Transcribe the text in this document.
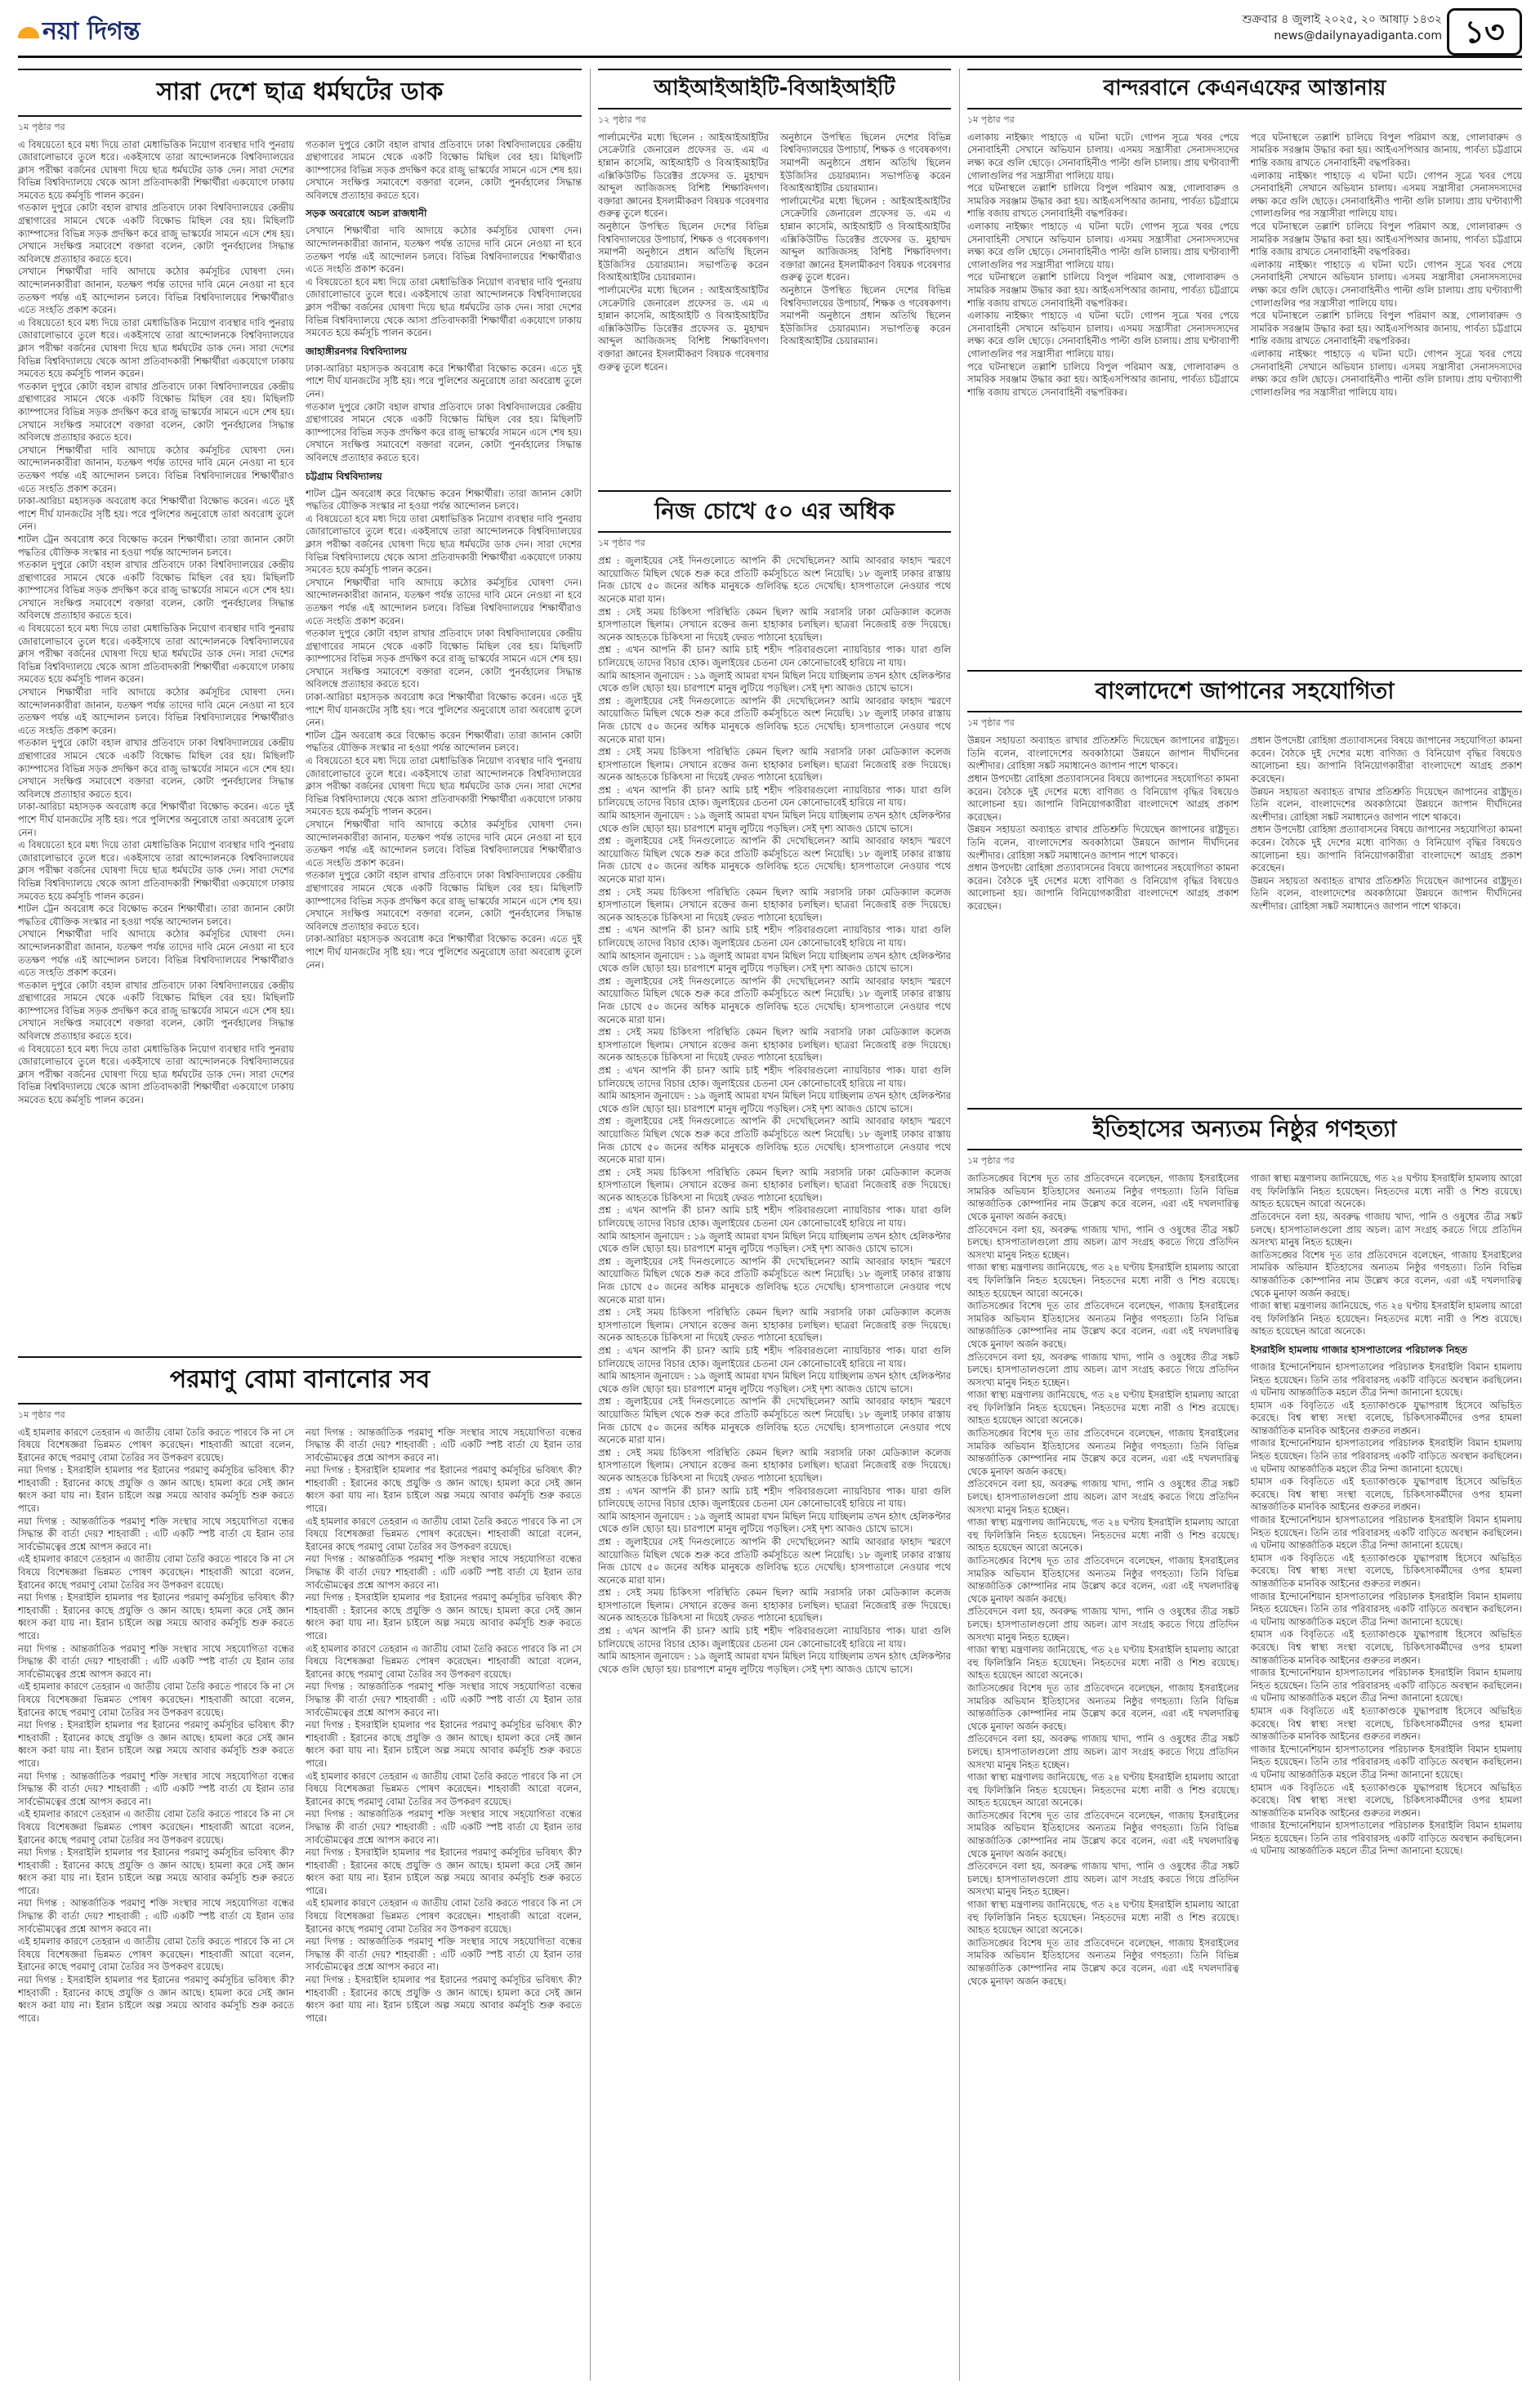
নয়া দিগন্ত	শুক্রবার ৪ জুলাই ২০২৫, ২০ আষাঢ় ১৪৩২
news@dailynayadiganta.com ১৩
সারা দেশে ছাত্র ধর্মঘটের ডাক
১ম পৃষ্ঠার পর

এ বিষয়েতো হবে মধ্য দিয়ে তারা মেধাভিত্তিক নিয়োগ ব্যবস্থার দাবি পুনরায় জোরালোভাবে তুলে ধরে। একইসাথে তারা আন্দোলনকে বিশ্ববিদ্যালয়ের ক্লাস পরীক্ষা বর্জনের ঘোষণা দিয়ে ছাত্র ধর্মঘটের ডাক দেন। সারা দেশের বিভিন্ন বিশ্ববিদ্যালয়ে থেকে আসা প্রতিবাদকারী শিক্ষার্থীরা একযোগে ঢাকায় সমবেত হয়ে কর্মসূচি পালন করেন।

গতকাল দুপুরে কোটা বহাল রাখার প্রতিবাদে ঢাকা বিশ্ববিদ্যালয়ের কেন্দ্রীয় গ্রন্থাগারের সামনে থেকে একটি বিক্ষোভ মিছিল বের হয়। মিছিলটি ক্যাম্পাসের বিভিন্ন সড়ক প্রদক্ষিণ করে রাজু ভাস্কর্যের সামনে এসে শেষ হয়। সেখানে সংক্ষিপ্ত সমাবেশে বক্তারা বলেন, কোটা পুনর্বহালের সিদ্ধান্ত অবিলম্বে প্রত্যাহার করতে হবে।

সেখানে শিক্ষার্থীরা দাবি আদায়ে কঠোর কর্মসূচির ঘোষণা দেন। আন্দোলনকারীরা জানান, যতক্ষণ পর্যন্ত তাদের দাবি মেনে নেওয়া না হবে ততক্ষণ পর্যন্ত এই আন্দোলন চলবে। বিভিন্ন বিশ্ববিদ্যালয়ের শিক্ষার্থীরাও এতে সংহতি প্রকাশ করেন।

এ বিষয়েতো হবে মধ্য দিয়ে তারা মেধাভিত্তিক নিয়োগ ব্যবস্থার দাবি পুনরায় জোরালোভাবে তুলে ধরে। একইসাথে তারা আন্দোলনকে বিশ্ববিদ্যালয়ের ক্লাস পরীক্ষা বর্জনের ঘোষণা দিয়ে ছাত্র ধর্মঘটের ডাক দেন। সারা দেশের বিভিন্ন বিশ্ববিদ্যালয়ে থেকে আসা প্রতিবাদকারী শিক্ষার্থীরা একযোগে ঢাকায় সমবেত হয়ে কর্মসূচি পালন করেন।

গতকাল দুপুরে কোটা বহাল রাখার প্রতিবাদে ঢাকা বিশ্ববিদ্যালয়ের কেন্দ্রীয় গ্রন্থাগারের সামনে থেকে একটি বিক্ষোভ মিছিল বের হয়। মিছিলটি ক্যাম্পাসের বিভিন্ন সড়ক প্রদক্ষিণ করে রাজু ভাস্কর্যের সামনে এসে শেষ হয়। সেখানে সংক্ষিপ্ত সমাবেশে বক্তারা বলেন, কোটা পুনর্বহালের সিদ্ধান্ত অবিলম্বে প্রত্যাহার করতে হবে।

সেখানে শিক্ষার্থীরা দাবি আদায়ে কঠোর কর্মসূচির ঘোষণা দেন। আন্দোলনকারীরা জানান, যতক্ষণ পর্যন্ত তাদের দাবি মেনে নেওয়া না হবে ততক্ষণ পর্যন্ত এই আন্দোলন চলবে। বিভিন্ন বিশ্ববিদ্যালয়ের শিক্ষার্থীরাও এতে সংহতি প্রকাশ করেন।

ঢাকা-আরিচা মহাসড়ক অবরোধ করে শিক্ষার্থীরা বিক্ষোভ করেন। এতে দুই পাশে দীর্ঘ যানজটের সৃষ্টি হয়। পরে পুলিশের অনুরোধে তারা অবরোধ তুলে নেন।

শাটল ট্রেন অবরোধ করে বিক্ষোভ করেন শিক্ষার্থীরা। তারা জানান কোটা পদ্ধতির যৌক্তিক সংস্কার না হওয়া পর্যন্ত আন্দোলন চলবে।

গতকাল দুপুরে কোটা বহাল রাখার প্রতিবাদে ঢাকা বিশ্ববিদ্যালয়ের কেন্দ্রীয় গ্রন্থাগারের সামনে থেকে একটি বিক্ষোভ মিছিল বের হয়। মিছিলটি ক্যাম্পাসের বিভিন্ন সড়ক প্রদক্ষিণ করে রাজু ভাস্কর্যের সামনে এসে শেষ হয়। সেখানে সংক্ষিপ্ত সমাবেশে বক্তারা বলেন, কোটা পুনর্বহালের সিদ্ধান্ত অবিলম্বে প্রত্যাহার করতে হবে।

এ বিষয়েতো হবে মধ্য দিয়ে তারা মেধাভিত্তিক নিয়োগ ব্যবস্থার দাবি পুনরায় জোরালোভাবে তুলে ধরে। একইসাথে তারা আন্দোলনকে বিশ্ববিদ্যালয়ের ক্লাস পরীক্ষা বর্জনের ঘোষণা দিয়ে ছাত্র ধর্মঘটের ডাক দেন। সারা দেশের বিভিন্ন বিশ্ববিদ্যালয়ে থেকে আসা প্রতিবাদকারী শিক্ষার্থীরা একযোগে ঢাকায় সমবেত হয়ে কর্মসূচি পালন করেন।

সেখানে শিক্ষার্থীরা দাবি আদায়ে কঠোর কর্মসূচির ঘোষণা দেন। আন্দোলনকারীরা জানান, যতক্ষণ পর্যন্ত তাদের দাবি মেনে নেওয়া না হবে ততক্ষণ পর্যন্ত এই আন্দোলন চলবে। বিভিন্ন বিশ্ববিদ্যালয়ের শিক্ষার্থীরাও এতে সংহতি প্রকাশ করেন।

গতকাল দুপুরে কোটা বহাল রাখার প্রতিবাদে ঢাকা বিশ্ববিদ্যালয়ের কেন্দ্রীয় গ্রন্থাগারের সামনে থেকে একটি বিক্ষোভ মিছিল বের হয়। মিছিলটি ক্যাম্পাসের বিভিন্ন সড়ক প্রদক্ষিণ করে রাজু ভাস্কর্যের সামনে এসে শেষ হয়। সেখানে সংক্ষিপ্ত সমাবেশে বক্তারা বলেন, কোটা পুনর্বহালের সিদ্ধান্ত অবিলম্বে প্রত্যাহার করতে হবে।

ঢাকা-আরিচা মহাসড়ক অবরোধ করে শিক্ষার্থীরা বিক্ষোভ করেন। এতে দুই পাশে দীর্ঘ যানজটের সৃষ্টি হয়। পরে পুলিশের অনুরোধে তারা অবরোধ তুলে নেন।

এ বিষয়েতো হবে মধ্য দিয়ে তারা মেধাভিত্তিক নিয়োগ ব্যবস্থার দাবি পুনরায় জোরালোভাবে তুলে ধরে। একইসাথে তারা আন্দোলনকে বিশ্ববিদ্যালয়ের ক্লাস পরীক্ষা বর্জনের ঘোষণা দিয়ে ছাত্র ধর্মঘটের ডাক দেন। সারা দেশের বিভিন্ন বিশ্ববিদ্যালয়ে থেকে আসা প্রতিবাদকারী শিক্ষার্থীরা একযোগে ঢাকায় সমবেত হয়ে কর্মসূচি পালন করেন।

শাটল ট্রেন অবরোধ করে বিক্ষোভ করেন শিক্ষার্থীরা। তারা জানান কোটা পদ্ধতির যৌক্তিক সংস্কার না হওয়া পর্যন্ত আন্দোলন চলবে।

সেখানে শিক্ষার্থীরা দাবি আদায়ে কঠোর কর্মসূচির ঘোষণা দেন। আন্দোলনকারীরা জানান, যতক্ষণ পর্যন্ত তাদের দাবি মেনে নেওয়া না হবে ততক্ষণ পর্যন্ত এই আন্দোলন চলবে। বিভিন্ন বিশ্ববিদ্যালয়ের শিক্ষার্থীরাও এতে সংহতি প্রকাশ করেন।

গতকাল দুপুরে কোটা বহাল রাখার প্রতিবাদে ঢাকা বিশ্ববিদ্যালয়ের কেন্দ্রীয় গ্রন্থাগারের সামনে থেকে একটি বিক্ষোভ মিছিল বের হয়। মিছিলটি ক্যাম্পাসের বিভিন্ন সড়ক প্রদক্ষিণ করে রাজু ভাস্কর্যের সামনে এসে শেষ হয়। সেখানে সংক্ষিপ্ত সমাবেশে বক্তারা বলেন, কোটা পুনর্বহালের সিদ্ধান্ত অবিলম্বে প্রত্যাহার করতে হবে।

এ বিষয়েতো হবে মধ্য দিয়ে তারা মেধাভিত্তিক নিয়োগ ব্যবস্থার দাবি পুনরায় জোরালোভাবে তুলে ধরে। একইসাথে তারা আন্দোলনকে বিশ্ববিদ্যালয়ের ক্লাস পরীক্ষা বর্জনের ঘোষণা দিয়ে ছাত্র ধর্মঘটের ডাক দেন। সারা দেশের বিভিন্ন বিশ্ববিদ্যালয়ে থেকে আসা প্রতিবাদকারী শিক্ষার্থীরা একযোগে ঢাকায় সমবেত হয়ে কর্মসূচি পালন করেন।

গতকাল দুপুরে কোটা বহাল রাখার প্রতিবাদে ঢাকা বিশ্ববিদ্যালয়ের কেন্দ্রীয় গ্রন্থাগারের সামনে থেকে একটি বিক্ষোভ মিছিল বের হয়। মিছিলটি ক্যাম্পাসের বিভিন্ন সড়ক প্রদক্ষিণ করে রাজু ভাস্কর্যের সামনে এসে শেষ হয়। সেখানে সংক্ষিপ্ত সমাবেশে বক্তারা বলেন, কোটা পুনর্বহালের সিদ্ধান্ত অবিলম্বে প্রত্যাহার করতে হবে।

সড়ক অবরোধে অচল রাজধানী

সেখানে শিক্ষার্থীরা দাবি আদায়ে কঠোর কর্মসূচির ঘোষণা দেন। আন্দোলনকারীরা জানান, যতক্ষণ পর্যন্ত তাদের দাবি মেনে নেওয়া না হবে ততক্ষণ পর্যন্ত এই আন্দোলন চলবে। বিভিন্ন বিশ্ববিদ্যালয়ের শিক্ষার্থীরাও এতে সংহতি প্রকাশ করেন।

এ বিষয়েতো হবে মধ্য দিয়ে তারা মেধাভিত্তিক নিয়োগ ব্যবস্থার দাবি পুনরায় জোরালোভাবে তুলে ধরে। একইসাথে তারা আন্দোলনকে বিশ্ববিদ্যালয়ের ক্লাস পরীক্ষা বর্জনের ঘোষণা দিয়ে ছাত্র ধর্মঘটের ডাক দেন। সারা দেশের বিভিন্ন বিশ্ববিদ্যালয়ে থেকে আসা প্রতিবাদকারী শিক্ষার্থীরা একযোগে ঢাকায় সমবেত হয়ে কর্মসূচি পালন করেন।

জাহাঙ্গীরনগর বিশ্ববিদ্যালয়

ঢাকা-আরিচা মহাসড়ক অবরোধ করে শিক্ষার্থীরা বিক্ষোভ করেন। এতে দুই পাশে দীর্ঘ যানজটের সৃষ্টি হয়। পরে পুলিশের অনুরোধে তারা অবরোধ তুলে নেন।

গতকাল দুপুরে কোটা বহাল রাখার প্রতিবাদে ঢাকা বিশ্ববিদ্যালয়ের কেন্দ্রীয় গ্রন্থাগারের সামনে থেকে একটি বিক্ষোভ মিছিল বের হয়। মিছিলটি ক্যাম্পাসের বিভিন্ন সড়ক প্রদক্ষিণ করে রাজু ভাস্কর্যের সামনে এসে শেষ হয়। সেখানে সংক্ষিপ্ত সমাবেশে বক্তারা বলেন, কোটা পুনর্বহালের সিদ্ধান্ত অবিলম্বে প্রত্যাহার করতে হবে।

চট্টগ্রাম বিশ্ববিদ্যালয়

শাটল ট্রেন অবরোধ করে বিক্ষোভ করেন শিক্ষার্থীরা। তারা জানান কোটা পদ্ধতির যৌক্তিক সংস্কার না হওয়া পর্যন্ত আন্দোলন চলবে।

এ বিষয়েতো হবে মধ্য দিয়ে তারা মেধাভিত্তিক নিয়োগ ব্যবস্থার দাবি পুনরায় জোরালোভাবে তুলে ধরে। একইসাথে তারা আন্দোলনকে বিশ্ববিদ্যালয়ের ক্লাস পরীক্ষা বর্জনের ঘোষণা দিয়ে ছাত্র ধর্মঘটের ডাক দেন। সারা দেশের বিভিন্ন বিশ্ববিদ্যালয়ে থেকে আসা প্রতিবাদকারী শিক্ষার্থীরা একযোগে ঢাকায় সমবেত হয়ে কর্মসূচি পালন করেন।

সেখানে শিক্ষার্থীরা দাবি আদায়ে কঠোর কর্মসূচির ঘোষণা দেন। আন্দোলনকারীরা জানান, যতক্ষণ পর্যন্ত তাদের দাবি মেনে নেওয়া না হবে ততক্ষণ পর্যন্ত এই আন্দোলন চলবে। বিভিন্ন বিশ্ববিদ্যালয়ের শিক্ষার্থীরাও এতে সংহতি প্রকাশ করেন।

গতকাল দুপুরে কোটা বহাল রাখার প্রতিবাদে ঢাকা বিশ্ববিদ্যালয়ের কেন্দ্রীয় গ্রন্থাগারের সামনে থেকে একটি বিক্ষোভ মিছিল বের হয়। মিছিলটি ক্যাম্পাসের বিভিন্ন সড়ক প্রদক্ষিণ করে রাজু ভাস্কর্যের সামনে এসে শেষ হয়। সেখানে সংক্ষিপ্ত সমাবেশে বক্তারা বলেন, কোটা পুনর্বহালের সিদ্ধান্ত অবিলম্বে প্রত্যাহার করতে হবে।

ঢাকা-আরিচা মহাসড়ক অবরোধ করে শিক্ষার্থীরা বিক্ষোভ করেন। এতে দুই পাশে দীর্ঘ যানজটের সৃষ্টি হয়। পরে পুলিশের অনুরোধে তারা অবরোধ তুলে নেন।

শাটল ট্রেন অবরোধ করে বিক্ষোভ করেন শিক্ষার্থীরা। তারা জানান কোটা পদ্ধতির যৌক্তিক সংস্কার না হওয়া পর্যন্ত আন্দোলন চলবে।

এ বিষয়েতো হবে মধ্য দিয়ে তারা মেধাভিত্তিক নিয়োগ ব্যবস্থার দাবি পুনরায় জোরালোভাবে তুলে ধরে। একইসাথে তারা আন্দোলনকে বিশ্ববিদ্যালয়ের ক্লাস পরীক্ষা বর্জনের ঘোষণা দিয়ে ছাত্র ধর্মঘটের ডাক দেন। সারা দেশের বিভিন্ন বিশ্ববিদ্যালয়ে থেকে আসা প্রতিবাদকারী শিক্ষার্থীরা একযোগে ঢাকায় সমবেত হয়ে কর্মসূচি পালন করেন।

সেখানে শিক্ষার্থীরা দাবি আদায়ে কঠোর কর্মসূচির ঘোষণা দেন। আন্দোলনকারীরা জানান, যতক্ষণ পর্যন্ত তাদের দাবি মেনে নেওয়া না হবে ততক্ষণ পর্যন্ত এই আন্দোলন চলবে। বিভিন্ন বিশ্ববিদ্যালয়ের শিক্ষার্থীরাও এতে সংহতি প্রকাশ করেন।

গতকাল দুপুরে কোটা বহাল রাখার প্রতিবাদে ঢাকা বিশ্ববিদ্যালয়ের কেন্দ্রীয় গ্রন্থাগারের সামনে থেকে একটি বিক্ষোভ মিছিল বের হয়। মিছিলটি ক্যাম্পাসের বিভিন্ন সড়ক প্রদক্ষিণ করে রাজু ভাস্কর্যের সামনে এসে শেষ হয়। সেখানে সংক্ষিপ্ত সমাবেশে বক্তারা বলেন, কোটা পুনর্বহালের সিদ্ধান্ত অবিলম্বে প্রত্যাহার করতে হবে।

ঢাকা-আরিচা মহাসড়ক অবরোধ করে শিক্ষার্থীরা বিক্ষোভ করেন। এতে দুই পাশে দীর্ঘ যানজটের সৃষ্টি হয়। পরে পুলিশের অনুরোধে তারা অবরোধ তুলে নেন।

পরমাণু বোমা বানানোর সব
১ম পৃষ্ঠার পর

এই হামলার কারণে তেহরান এ জাতীয় বোমা তৈরি করতে পারবে কি না সে বিষয়ে বিশেষজ্ঞরা ভিন্নমত পোষণ করেছেন। শাহবাজী আরো বলেন, ইরানের কাছে পরমাণু বোমা তৈরির সব উপকরণ রয়েছে।

নয়া দিগন্ত : ইসরাইলি হামলার পর ইরানের পরমাণু কর্মসূচির ভবিষ্যৎ কী? শাহবাজী : ইরানের কাছে প্রযুক্তি ও জ্ঞান আছে। হামলা করে সেই জ্ঞান ধ্বংস করা যায় না। ইরান চাইলে অল্প সময়ে আবার কর্মসূচি শুরু করতে পারে।

নয়া দিগন্ত : আন্তর্জাতিক পরমাণু শক্তি সংস্থার সাথে সহযোগিতা বন্ধের সিদ্ধান্ত কী বার্তা দেয়? শাহবাজী : এটি একটি স্পষ্ট বার্তা যে ইরান তার সার্বভৌমত্বের প্রশ্নে আপস করবে না।

এই হামলার কারণে তেহরান এ জাতীয় বোমা তৈরি করতে পারবে কি না সে বিষয়ে বিশেষজ্ঞরা ভিন্নমত পোষণ করেছেন। শাহবাজী আরো বলেন, ইরানের কাছে পরমাণু বোমা তৈরির সব উপকরণ রয়েছে।

নয়া দিগন্ত : ইসরাইলি হামলার পর ইরানের পরমাণু কর্মসূচির ভবিষ্যৎ কী? শাহবাজী : ইরানের কাছে প্রযুক্তি ও জ্ঞান আছে। হামলা করে সেই জ্ঞান ধ্বংস করা যায় না। ইরান চাইলে অল্প সময়ে আবার কর্মসূচি শুরু করতে পারে।

নয়া দিগন্ত : আন্তর্জাতিক পরমাণু শক্তি সংস্থার সাথে সহযোগিতা বন্ধের সিদ্ধান্ত কী বার্তা দেয়? শাহবাজী : এটি একটি স্পষ্ট বার্তা যে ইরান তার সার্বভৌমত্বের প্রশ্নে আপস করবে না।

এই হামলার কারণে তেহরান এ জাতীয় বোমা তৈরি করতে পারবে কি না সে বিষয়ে বিশেষজ্ঞরা ভিন্নমত পোষণ করেছেন। শাহবাজী আরো বলেন, ইরানের কাছে পরমাণু বোমা তৈরির সব উপকরণ রয়েছে।

নয়া দিগন্ত : ইসরাইলি হামলার পর ইরানের পরমাণু কর্মসূচির ভবিষ্যৎ কী? শাহবাজী : ইরানের কাছে প্রযুক্তি ও জ্ঞান আছে। হামলা করে সেই জ্ঞান ধ্বংস করা যায় না। ইরান চাইলে অল্প সময়ে আবার কর্মসূচি শুরু করতে পারে।

নয়া দিগন্ত : আন্তর্জাতিক পরমাণু শক্তি সংস্থার সাথে সহযোগিতা বন্ধের সিদ্ধান্ত কী বার্তা দেয়? শাহবাজী : এটি একটি স্পষ্ট বার্তা যে ইরান তার সার্বভৌমত্বের প্রশ্নে আপস করবে না।

এই হামলার কারণে তেহরান এ জাতীয় বোমা তৈরি করতে পারবে কি না সে বিষয়ে বিশেষজ্ঞরা ভিন্নমত পোষণ করেছেন। শাহবাজী আরো বলেন, ইরানের কাছে পরমাণু বোমা তৈরির সব উপকরণ রয়েছে।

নয়া দিগন্ত : ইসরাইলি হামলার পর ইরানের পরমাণু কর্মসূচির ভবিষ্যৎ কী? শাহবাজী : ইরানের কাছে প্রযুক্তি ও জ্ঞান আছে। হামলা করে সেই জ্ঞান ধ্বংস করা যায় না। ইরান চাইলে অল্প সময়ে আবার কর্মসূচি শুরু করতে পারে।

নয়া দিগন্ত : আন্তর্জাতিক পরমাণু শক্তি সংস্থার সাথে সহযোগিতা বন্ধের সিদ্ধান্ত কী বার্তা দেয়? শাহবাজী : এটি একটি স্পষ্ট বার্তা যে ইরান তার সার্বভৌমত্বের প্রশ্নে আপস করবে না।

এই হামলার কারণে তেহরান এ জাতীয় বোমা তৈরি করতে পারবে কি না সে বিষয়ে বিশেষজ্ঞরা ভিন্নমত পোষণ করেছেন। শাহবাজী আরো বলেন, ইরানের কাছে পরমাণু বোমা তৈরির সব উপকরণ রয়েছে।

নয়া দিগন্ত : ইসরাইলি হামলার পর ইরানের পরমাণু কর্মসূচির ভবিষ্যৎ কী? শাহবাজী : ইরানের কাছে প্রযুক্তি ও জ্ঞান আছে। হামলা করে সেই জ্ঞান ধ্বংস করা যায় না। ইরান চাইলে অল্প সময়ে আবার কর্মসূচি শুরু করতে পারে।

নয়া দিগন্ত : আন্তর্জাতিক পরমাণু শক্তি সংস্থার সাথে সহযোগিতা বন্ধের সিদ্ধান্ত কী বার্তা দেয়? শাহবাজী : এটি একটি স্পষ্ট বার্তা যে ইরান তার সার্বভৌমত্বের প্রশ্নে আপস করবে না।

নয়া দিগন্ত : ইসরাইলি হামলার পর ইরানের পরমাণু কর্মসূচির ভবিষ্যৎ কী? শাহবাজী : ইরানের কাছে প্রযুক্তি ও জ্ঞান আছে। হামলা করে সেই জ্ঞান ধ্বংস করা যায় না। ইরান চাইলে অল্প সময়ে আবার কর্মসূচি শুরু করতে পারে।

এই হামলার কারণে তেহরান এ জাতীয় বোমা তৈরি করতে পারবে কি না সে বিষয়ে বিশেষজ্ঞরা ভিন্নমত পোষণ করেছেন। শাহবাজী আরো বলেন, ইরানের কাছে পরমাণু বোমা তৈরির সব উপকরণ রয়েছে।

নয়া দিগন্ত : আন্তর্জাতিক পরমাণু শক্তি সংস্থার সাথে সহযোগিতা বন্ধের সিদ্ধান্ত কী বার্তা দেয়? শাহবাজী : এটি একটি স্পষ্ট বার্তা যে ইরান তার সার্বভৌমত্বের প্রশ্নে আপস করবে না।

নয়া দিগন্ত : ইসরাইলি হামলার পর ইরানের পরমাণু কর্মসূচির ভবিষ্যৎ কী? শাহবাজী : ইরানের কাছে প্রযুক্তি ও জ্ঞান আছে। হামলা করে সেই জ্ঞান ধ্বংস করা যায় না। ইরান চাইলে অল্প সময়ে আবার কর্মসূচি শুরু করতে পারে।

এই হামলার কারণে তেহরান এ জাতীয় বোমা তৈরি করতে পারবে কি না সে বিষয়ে বিশেষজ্ঞরা ভিন্নমত পোষণ করেছেন। শাহবাজী আরো বলেন, ইরানের কাছে পরমাণু বোমা তৈরির সব উপকরণ রয়েছে।

নয়া দিগন্ত : আন্তর্জাতিক পরমাণু শক্তি সংস্থার সাথে সহযোগিতা বন্ধের সিদ্ধান্ত কী বার্তা দেয়? শাহবাজী : এটি একটি স্পষ্ট বার্তা যে ইরান তার সার্বভৌমত্বের প্রশ্নে আপস করবে না।

নয়া দিগন্ত : ইসরাইলি হামলার পর ইরানের পরমাণু কর্মসূচির ভবিষ্যৎ কী? শাহবাজী : ইরানের কাছে প্রযুক্তি ও জ্ঞান আছে। হামলা করে সেই জ্ঞান ধ্বংস করা যায় না। ইরান চাইলে অল্প সময়ে আবার কর্মসূচি শুরু করতে পারে।

এই হামলার কারণে তেহরান এ জাতীয় বোমা তৈরি করতে পারবে কি না সে বিষয়ে বিশেষজ্ঞরা ভিন্নমত পোষণ করেছেন। শাহবাজী আরো বলেন, ইরানের কাছে পরমাণু বোমা তৈরির সব উপকরণ রয়েছে।

নয়া দিগন্ত : আন্তর্জাতিক পরমাণু শক্তি সংস্থার সাথে সহযোগিতা বন্ধের সিদ্ধান্ত কী বার্তা দেয়? শাহবাজী : এটি একটি স্পষ্ট বার্তা যে ইরান তার সার্বভৌমত্বের প্রশ্নে আপস করবে না।

নয়া দিগন্ত : ইসরাইলি হামলার পর ইরানের পরমাণু কর্মসূচির ভবিষ্যৎ কী? শাহবাজী : ইরানের কাছে প্রযুক্তি ও জ্ঞান আছে। হামলা করে সেই জ্ঞান ধ্বংস করা যায় না। ইরান চাইলে অল্প সময়ে আবার কর্মসূচি শুরু করতে পারে।

এই হামলার কারণে তেহরান এ জাতীয় বোমা তৈরি করতে পারবে কি না সে বিষয়ে বিশেষজ্ঞরা ভিন্নমত পোষণ করেছেন। শাহবাজী আরো বলেন, ইরানের কাছে পরমাণু বোমা তৈরির সব উপকরণ রয়েছে।

নয়া দিগন্ত : আন্তর্জাতিক পরমাণু শক্তি সংস্থার সাথে সহযোগিতা বন্ধের সিদ্ধান্ত কী বার্তা দেয়? শাহবাজী : এটি একটি স্পষ্ট বার্তা যে ইরান তার সার্বভৌমত্বের প্রশ্নে আপস করবে না।

নয়া দিগন্ত : ইসরাইলি হামলার পর ইরানের পরমাণু কর্মসূচির ভবিষ্যৎ কী? শাহবাজী : ইরানের কাছে প্রযুক্তি ও জ্ঞান আছে। হামলা করে সেই জ্ঞান ধ্বংস করা যায় না। ইরান চাইলে অল্প সময়ে আবার কর্মসূচি শুরু করতে পারে।

আইআইআইটি-বিআইআইটি
১২ পৃষ্ঠার পর

পার্লামেন্টের মধ্যে ছিলেন : আইআইআইটির সেক্রেটারি জেনারেল প্রফেসর ড. এম এ হান্নান কাসেমি, আইআইটি ও বিআইআইটির এক্সিকিউটিভ ডিরেক্টর প্রফেসর ড. মুহাম্মদ আব্দুল আজিজসহ বিশিষ্ট শিক্ষাবিদগণ। বক্তারা জ্ঞানের ইসলামীকরণ বিষয়ক গবেষণার গুরুত্ব তুলে ধরেন।

অনুষ্ঠানে উপস্থিত ছিলেন দেশের বিভিন্ন বিশ্ববিদ্যালয়ের উপাচার্য, শিক্ষক ও গবেষকগণ। সমাপনী অনুষ্ঠানে প্রধান অতিথি ছিলেন ইউজিসির চেয়ারম্যান। সভাপতিত্ব করেন বিআইআইটির চেয়ারম্যান।

পার্লামেন্টের মধ্যে ছিলেন : আইআইআইটির সেক্রেটারি জেনারেল প্রফেসর ড. এম এ হান্নান কাসেমি, আইআইটি ও বিআইআইটির এক্সিকিউটিভ ডিরেক্টর প্রফেসর ড. মুহাম্মদ আব্দুল আজিজসহ বিশিষ্ট শিক্ষাবিদগণ। বক্তারা জ্ঞানের ইসলামীকরণ বিষয়ক গবেষণার গুরুত্ব তুলে ধরেন।

অনুষ্ঠানে উপস্থিত ছিলেন দেশের বিভিন্ন বিশ্ববিদ্যালয়ের উপাচার্য, শিক্ষক ও গবেষকগণ। সমাপনী অনুষ্ঠানে প্রধান অতিথি ছিলেন ইউজিসির চেয়ারম্যান। সভাপতিত্ব করেন বিআইআইটির চেয়ারম্যান।

পার্লামেন্টের মধ্যে ছিলেন : আইআইআইটির সেক্রেটারি জেনারেল প্রফেসর ড. এম এ হান্নান কাসেমি, আইআইটি ও বিআইআইটির এক্সিকিউটিভ ডিরেক্টর প্রফেসর ড. মুহাম্মদ আব্দুল আজিজসহ বিশিষ্ট শিক্ষাবিদগণ। বক্তারা জ্ঞানের ইসলামীকরণ বিষয়ক গবেষণার গুরুত্ব তুলে ধরেন।

অনুষ্ঠানে উপস্থিত ছিলেন দেশের বিভিন্ন বিশ্ববিদ্যালয়ের উপাচার্য, শিক্ষক ও গবেষকগণ। সমাপনী অনুষ্ঠানে প্রধান অতিথি ছিলেন ইউজিসির চেয়ারম্যান। সভাপতিত্ব করেন বিআইআইটির চেয়ারম্যান।

নিজ চোখে ৫০ এর অধিক
১ম পৃষ্ঠার পর

প্রশ্ন : জুলাইয়ের সেই দিনগুলোতে আপনি কী দেখেছিলেন? আমি আবরার ফাহাদ স্মরণে আয়োজিত মিছিল থেকে শুরু করে প্রতিটি কর্মসূচিতে অংশ নিয়েছি। ১৮ জুলাই ঢাকার রাস্তায় নিজ চোখে ৫০ জনের অধিক মানুষকে গুলিবিদ্ধ হতে দেখেছি। হাসপাতালে নেওয়ার পথে অনেকে মারা যান।

প্রশ্ন : সেই সময় চিকিৎসা পরিস্থিতি কেমন ছিল? আমি সরাসরি ঢাকা মেডিক্যাল কলেজ হাসপাতালে ছিলাম। সেখানে রক্তের জন্য হাহাকার চলছিল। ছাত্ররা নিজেরাই রক্ত দিয়েছে। অনেক আহতকে চিকিৎসা না দিয়েই ফেরত পাঠানো হয়েছিল।

প্রশ্ন : এখন আপনি কী চান? আমি চাই শহীদ পরিবারগুলো ন্যায়বিচার পাক। যারা গুলি চালিয়েছে তাদের বিচার হোক। জুলাইয়ের চেতনা যেন কোনোভাবেই হারিয়ে না যায়।

আমি আহসান জুনায়েদ : ১৯ জুলাই আমরা যখন মিছিল নিয়ে যাচ্ছিলাম তখন হঠাৎ হেলিকপ্টার থেকে গুলি ছোড়া হয়। চারপাশে মানুষ লুটিয়ে পড়ছিল। সেই দৃশ্য আজও চোখে ভাসে।

প্রশ্ন : জুলাইয়ের সেই দিনগুলোতে আপনি কী দেখেছিলেন? আমি আবরার ফাহাদ স্মরণে আয়োজিত মিছিল থেকে শুরু করে প্রতিটি কর্মসূচিতে অংশ নিয়েছি। ১৮ জুলাই ঢাকার রাস্তায় নিজ চোখে ৫০ জনের অধিক মানুষকে গুলিবিদ্ধ হতে দেখেছি। হাসপাতালে নেওয়ার পথে অনেকে মারা যান।

প্রশ্ন : সেই সময় চিকিৎসা পরিস্থিতি কেমন ছিল? আমি সরাসরি ঢাকা মেডিক্যাল কলেজ হাসপাতালে ছিলাম। সেখানে রক্তের জন্য হাহাকার চলছিল। ছাত্ররা নিজেরাই রক্ত দিয়েছে। অনেক আহতকে চিকিৎসা না দিয়েই ফেরত পাঠানো হয়েছিল।

প্রশ্ন : এখন আপনি কী চান? আমি চাই শহীদ পরিবারগুলো ন্যায়বিচার পাক। যারা গুলি চালিয়েছে তাদের বিচার হোক। জুলাইয়ের চেতনা যেন কোনোভাবেই হারিয়ে না যায়।

আমি আহসান জুনায়েদ : ১৯ জুলাই আমরা যখন মিছিল নিয়ে যাচ্ছিলাম তখন হঠাৎ হেলিকপ্টার থেকে গুলি ছোড়া হয়। চারপাশে মানুষ লুটিয়ে পড়ছিল। সেই দৃশ্য আজও চোখে ভাসে।

প্রশ্ন : জুলাইয়ের সেই দিনগুলোতে আপনি কী দেখেছিলেন? আমি আবরার ফাহাদ স্মরণে আয়োজিত মিছিল থেকে শুরু করে প্রতিটি কর্মসূচিতে অংশ নিয়েছি। ১৮ জুলাই ঢাকার রাস্তায় নিজ চোখে ৫০ জনের অধিক মানুষকে গুলিবিদ্ধ হতে দেখেছি। হাসপাতালে নেওয়ার পথে অনেকে মারা যান।

প্রশ্ন : সেই সময় চিকিৎসা পরিস্থিতি কেমন ছিল? আমি সরাসরি ঢাকা মেডিক্যাল কলেজ হাসপাতালে ছিলাম। সেখানে রক্তের জন্য হাহাকার চলছিল। ছাত্ররা নিজেরাই রক্ত দিয়েছে। অনেক আহতকে চিকিৎসা না দিয়েই ফেরত পাঠানো হয়েছিল।

প্রশ্ন : এখন আপনি কী চান? আমি চাই শহীদ পরিবারগুলো ন্যায়বিচার পাক। যারা গুলি চালিয়েছে তাদের বিচার হোক। জুলাইয়ের চেতনা যেন কোনোভাবেই হারিয়ে না যায়।

আমি আহসান জুনায়েদ : ১৯ জুলাই আমরা যখন মিছিল নিয়ে যাচ্ছিলাম তখন হঠাৎ হেলিকপ্টার থেকে গুলি ছোড়া হয়। চারপাশে মানুষ লুটিয়ে পড়ছিল। সেই দৃশ্য আজও চোখে ভাসে।

প্রশ্ন : জুলাইয়ের সেই দিনগুলোতে আপনি কী দেখেছিলেন? আমি আবরার ফাহাদ স্মরণে আয়োজিত মিছিল থেকে শুরু করে প্রতিটি কর্মসূচিতে অংশ নিয়েছি। ১৮ জুলাই ঢাকার রাস্তায় নিজ চোখে ৫০ জনের অধিক মানুষকে গুলিবিদ্ধ হতে দেখেছি। হাসপাতালে নেওয়ার পথে অনেকে মারা যান।

প্রশ্ন : সেই সময় চিকিৎসা পরিস্থিতি কেমন ছিল? আমি সরাসরি ঢাকা মেডিক্যাল কলেজ হাসপাতালে ছিলাম। সেখানে রক্তের জন্য হাহাকার চলছিল। ছাত্ররা নিজেরাই রক্ত দিয়েছে। অনেক আহতকে চিকিৎসা না দিয়েই ফেরত পাঠানো হয়েছিল।

প্রশ্ন : এখন আপনি কী চান? আমি চাই শহীদ পরিবারগুলো ন্যায়বিচার পাক। যারা গুলি চালিয়েছে তাদের বিচার হোক। জুলাইয়ের চেতনা যেন কোনোভাবেই হারিয়ে না যায়।

আমি আহসান জুনায়েদ : ১৯ জুলাই আমরা যখন মিছিল নিয়ে যাচ্ছিলাম তখন হঠাৎ হেলিকপ্টার থেকে গুলি ছোড়া হয়। চারপাশে মানুষ লুটিয়ে পড়ছিল। সেই দৃশ্য আজও চোখে ভাসে।

প্রশ্ন : জুলাইয়ের সেই দিনগুলোতে আপনি কী দেখেছিলেন? আমি আবরার ফাহাদ স্মরণে আয়োজিত মিছিল থেকে শুরু করে প্রতিটি কর্মসূচিতে অংশ নিয়েছি। ১৮ জুলাই ঢাকার রাস্তায় নিজ চোখে ৫০ জনের অধিক মানুষকে গুলিবিদ্ধ হতে দেখেছি। হাসপাতালে নেওয়ার পথে অনেকে মারা যান।

প্রশ্ন : সেই সময় চিকিৎসা পরিস্থিতি কেমন ছিল? আমি সরাসরি ঢাকা মেডিক্যাল কলেজ হাসপাতালে ছিলাম। সেখানে রক্তের জন্য হাহাকার চলছিল। ছাত্ররা নিজেরাই রক্ত দিয়েছে। অনেক আহতকে চিকিৎসা না দিয়েই ফেরত পাঠানো হয়েছিল।

প্রশ্ন : এখন আপনি কী চান? আমি চাই শহীদ পরিবারগুলো ন্যায়বিচার পাক। যারা গুলি চালিয়েছে তাদের বিচার হোক। জুলাইয়ের চেতনা যেন কোনোভাবেই হারিয়ে না যায়।

আমি আহসান জুনায়েদ : ১৯ জুলাই আমরা যখন মিছিল নিয়ে যাচ্ছিলাম তখন হঠাৎ হেলিকপ্টার থেকে গুলি ছোড়া হয়। চারপাশে মানুষ লুটিয়ে পড়ছিল। সেই দৃশ্য আজও চোখে ভাসে।

প্রশ্ন : জুলাইয়ের সেই দিনগুলোতে আপনি কী দেখেছিলেন? আমি আবরার ফাহাদ স্মরণে আয়োজিত মিছিল থেকে শুরু করে প্রতিটি কর্মসূচিতে অংশ নিয়েছি। ১৮ জুলাই ঢাকার রাস্তায় নিজ চোখে ৫০ জনের অধিক মানুষকে গুলিবিদ্ধ হতে দেখেছি। হাসপাতালে নেওয়ার পথে অনেকে মারা যান।

প্রশ্ন : সেই সময় চিকিৎসা পরিস্থিতি কেমন ছিল? আমি সরাসরি ঢাকা মেডিক্যাল কলেজ হাসপাতালে ছিলাম। সেখানে রক্তের জন্য হাহাকার চলছিল। ছাত্ররা নিজেরাই রক্ত দিয়েছে। অনেক আহতকে চিকিৎসা না দিয়েই ফেরত পাঠানো হয়েছিল।

প্রশ্ন : এখন আপনি কী চান? আমি চাই শহীদ পরিবারগুলো ন্যায়বিচার পাক। যারা গুলি চালিয়েছে তাদের বিচার হোক। জুলাইয়ের চেতনা যেন কোনোভাবেই হারিয়ে না যায়।

আমি আহসান জুনায়েদ : ১৯ জুলাই আমরা যখন মিছিল নিয়ে যাচ্ছিলাম তখন হঠাৎ হেলিকপ্টার থেকে গুলি ছোড়া হয়। চারপাশে মানুষ লুটিয়ে পড়ছিল। সেই দৃশ্য আজও চোখে ভাসে।

প্রশ্ন : জুলাইয়ের সেই দিনগুলোতে আপনি কী দেখেছিলেন? আমি আবরার ফাহাদ স্মরণে আয়োজিত মিছিল থেকে শুরু করে প্রতিটি কর্মসূচিতে অংশ নিয়েছি। ১৮ জুলাই ঢাকার রাস্তায় নিজ চোখে ৫০ জনের অধিক মানুষকে গুলিবিদ্ধ হতে দেখেছি। হাসপাতালে নেওয়ার পথে অনেকে মারা যান।

প্রশ্ন : সেই সময় চিকিৎসা পরিস্থিতি কেমন ছিল? আমি সরাসরি ঢাকা মেডিক্যাল কলেজ হাসপাতালে ছিলাম। সেখানে রক্তের জন্য হাহাকার চলছিল। ছাত্ররা নিজেরাই রক্ত দিয়েছে। অনেক আহতকে চিকিৎসা না দিয়েই ফেরত পাঠানো হয়েছিল।

প্রশ্ন : এখন আপনি কী চান? আমি চাই শহীদ পরিবারগুলো ন্যায়বিচার পাক। যারা গুলি চালিয়েছে তাদের বিচার হোক। জুলাইয়ের চেতনা যেন কোনোভাবেই হারিয়ে না যায়।

আমি আহসান জুনায়েদ : ১৯ জুলাই আমরা যখন মিছিল নিয়ে যাচ্ছিলাম তখন হঠাৎ হেলিকপ্টার থেকে গুলি ছোড়া হয়। চারপাশে মানুষ লুটিয়ে পড়ছিল। সেই দৃশ্য আজও চোখে ভাসে।

প্রশ্ন : জুলাইয়ের সেই দিনগুলোতে আপনি কী দেখেছিলেন? আমি আবরার ফাহাদ স্মরণে আয়োজিত মিছিল থেকে শুরু করে প্রতিটি কর্মসূচিতে অংশ নিয়েছি। ১৮ জুলাই ঢাকার রাস্তায় নিজ চোখে ৫০ জনের অধিক মানুষকে গুলিবিদ্ধ হতে দেখেছি। হাসপাতালে নেওয়ার পথে অনেকে মারা যান।

প্রশ্ন : সেই সময় চিকিৎসা পরিস্থিতি কেমন ছিল? আমি সরাসরি ঢাকা মেডিক্যাল কলেজ হাসপাতালে ছিলাম। সেখানে রক্তের জন্য হাহাকার চলছিল। ছাত্ররা নিজেরাই রক্ত দিয়েছে। অনেক আহতকে চিকিৎসা না দিয়েই ফেরত পাঠানো হয়েছিল।

প্রশ্ন : এখন আপনি কী চান? আমি চাই শহীদ পরিবারগুলো ন্যায়বিচার পাক। যারা গুলি চালিয়েছে তাদের বিচার হোক। জুলাইয়ের চেতনা যেন কোনোভাবেই হারিয়ে না যায়।

আমি আহসান জুনায়েদ : ১৯ জুলাই আমরা যখন মিছিল নিয়ে যাচ্ছিলাম তখন হঠাৎ হেলিকপ্টার থেকে গুলি ছোড়া হয়। চারপাশে মানুষ লুটিয়ে পড়ছিল। সেই দৃশ্য আজও চোখে ভাসে।

বান্দরবানে কেএনএফের আস্তানায়
১ম পৃষ্ঠার পর

এলাকায় নাইক্ষ্যং পাহাড়ে এ ঘটনা ঘটে। গোপন সূত্রে খবর পেয়ে সেনাবাহিনী সেখানে অভিযান চালায়। এসময় সন্ত্রাসীরা সেনাসদস্যদের লক্ষ্য করে গুলি ছোড়ে। সেনাবাহিনীও পাল্টা গুলি চালায়। প্রায় ঘণ্টাব্যাপী গোলাগুলির পর সন্ত্রাসীরা পালিয়ে যায়।

পরে ঘটনাস্থলে তল্লাশি চালিয়ে বিপুল পরিমাণ অস্ত্র, গোলাবারুদ ও সামরিক সরঞ্জাম উদ্ধার করা হয়। আইএসপিআর জানায়, পার্বত্য চট্টগ্রামে শান্তি বজায় রাখতে সেনাবাহিনী বদ্ধপরিকর।

এলাকায় নাইক্ষ্যং পাহাড়ে এ ঘটনা ঘটে। গোপন সূত্রে খবর পেয়ে সেনাবাহিনী সেখানে অভিযান চালায়। এসময় সন্ত্রাসীরা সেনাসদস্যদের লক্ষ্য করে গুলি ছোড়ে। সেনাবাহিনীও পাল্টা গুলি চালায়। প্রায় ঘণ্টাব্যাপী গোলাগুলির পর সন্ত্রাসীরা পালিয়ে যায়।

পরে ঘটনাস্থলে তল্লাশি চালিয়ে বিপুল পরিমাণ অস্ত্র, গোলাবারুদ ও সামরিক সরঞ্জাম উদ্ধার করা হয়। আইএসপিআর জানায়, পার্বত্য চট্টগ্রামে শান্তি বজায় রাখতে সেনাবাহিনী বদ্ধপরিকর।

এলাকায় নাইক্ষ্যং পাহাড়ে এ ঘটনা ঘটে। গোপন সূত্রে খবর পেয়ে সেনাবাহিনী সেখানে অভিযান চালায়। এসময় সন্ত্রাসীরা সেনাসদস্যদের লক্ষ্য করে গুলি ছোড়ে। সেনাবাহিনীও পাল্টা গুলি চালায়। প্রায় ঘণ্টাব্যাপী গোলাগুলির পর সন্ত্রাসীরা পালিয়ে যায়।

পরে ঘটনাস্থলে তল্লাশি চালিয়ে বিপুল পরিমাণ অস্ত্র, গোলাবারুদ ও সামরিক সরঞ্জাম উদ্ধার করা হয়। আইএসপিআর জানায়, পার্বত্য চট্টগ্রামে শান্তি বজায় রাখতে সেনাবাহিনী বদ্ধপরিকর।

পরে ঘটনাস্থলে তল্লাশি চালিয়ে বিপুল পরিমাণ অস্ত্র, গোলাবারুদ ও সামরিক সরঞ্জাম উদ্ধার করা হয়। আইএসপিআর জানায়, পার্বত্য চট্টগ্রামে শান্তি বজায় রাখতে সেনাবাহিনী বদ্ধপরিকর।

এলাকায় নাইক্ষ্যং পাহাড়ে এ ঘটনা ঘটে। গোপন সূত্রে খবর পেয়ে সেনাবাহিনী সেখানে অভিযান চালায়। এসময় সন্ত্রাসীরা সেনাসদস্যদের লক্ষ্য করে গুলি ছোড়ে। সেনাবাহিনীও পাল্টা গুলি চালায়। প্রায় ঘণ্টাব্যাপী গোলাগুলির পর সন্ত্রাসীরা পালিয়ে যায়।

পরে ঘটনাস্থলে তল্লাশি চালিয়ে বিপুল পরিমাণ অস্ত্র, গোলাবারুদ ও সামরিক সরঞ্জাম উদ্ধার করা হয়। আইএসপিআর জানায়, পার্বত্য চট্টগ্রামে শান্তি বজায় রাখতে সেনাবাহিনী বদ্ধপরিকর।

এলাকায় নাইক্ষ্যং পাহাড়ে এ ঘটনা ঘটে। গোপন সূত্রে খবর পেয়ে সেনাবাহিনী সেখানে অভিযান চালায়। এসময় সন্ত্রাসীরা সেনাসদস্যদের লক্ষ্য করে গুলি ছোড়ে। সেনাবাহিনীও পাল্টা গুলি চালায়। প্রায় ঘণ্টাব্যাপী গোলাগুলির পর সন্ত্রাসীরা পালিয়ে যায়।

পরে ঘটনাস্থলে তল্লাশি চালিয়ে বিপুল পরিমাণ অস্ত্র, গোলাবারুদ ও সামরিক সরঞ্জাম উদ্ধার করা হয়। আইএসপিআর জানায়, পার্বত্য চট্টগ্রামে শান্তি বজায় রাখতে সেনাবাহিনী বদ্ধপরিকর।

এলাকায় নাইক্ষ্যং পাহাড়ে এ ঘটনা ঘটে। গোপন সূত্রে খবর পেয়ে সেনাবাহিনী সেখানে অভিযান চালায়। এসময় সন্ত্রাসীরা সেনাসদস্যদের লক্ষ্য করে গুলি ছোড়ে। সেনাবাহিনীও পাল্টা গুলি চালায়। প্রায় ঘণ্টাব্যাপী গোলাগুলির পর সন্ত্রাসীরা পালিয়ে যায়।

বাংলাদেশে জাপানের সহযোগিতা
১ম পৃষ্ঠার পর

উন্নয়ন সহায়তা অব্যাহত রাখার প্রতিশ্রুতি দিয়েছেন জাপানের রাষ্ট্রদূত। তিনি বলেন, বাংলাদেশের অবকাঠামো উন্নয়নে জাপান দীর্ঘদিনের অংশীদার। রোহিঙ্গা সঙ্কট সমাধানেও জাপান পাশে থাকবে।

প্রধান উপদেষ্টা রোহিঙ্গা প্রত্যাবাসনের বিষয়ে জাপানের সহযোগিতা কামনা করেন। বৈঠকে দুই দেশের মধ্যে বাণিজ্য ও বিনিয়োগ বৃদ্ধির বিষয়েও আলোচনা হয়। জাপানি বিনিয়োগকারীরা বাংলাদেশে আগ্রহ প্রকাশ করেছেন।

উন্নয়ন সহায়তা অব্যাহত রাখার প্রতিশ্রুতি দিয়েছেন জাপানের রাষ্ট্রদূত। তিনি বলেন, বাংলাদেশের অবকাঠামো উন্নয়নে জাপান দীর্ঘদিনের অংশীদার। রোহিঙ্গা সঙ্কট সমাধানেও জাপান পাশে থাকবে।

প্রধান উপদেষ্টা রোহিঙ্গা প্রত্যাবাসনের বিষয়ে জাপানের সহযোগিতা কামনা করেন। বৈঠকে দুই দেশের মধ্যে বাণিজ্য ও বিনিয়োগ বৃদ্ধির বিষয়েও আলোচনা হয়। জাপানি বিনিয়োগকারীরা বাংলাদেশে আগ্রহ প্রকাশ করেছেন।

প্রধান উপদেষ্টা রোহিঙ্গা প্রত্যাবাসনের বিষয়ে জাপানের সহযোগিতা কামনা করেন। বৈঠকে দুই দেশের মধ্যে বাণিজ্য ও বিনিয়োগ বৃদ্ধির বিষয়েও আলোচনা হয়। জাপানি বিনিয়োগকারীরা বাংলাদেশে আগ্রহ প্রকাশ করেছেন।

উন্নয়ন সহায়তা অব্যাহত রাখার প্রতিশ্রুতি দিয়েছেন জাপানের রাষ্ট্রদূত। তিনি বলেন, বাংলাদেশের অবকাঠামো উন্নয়নে জাপান দীর্ঘদিনের অংশীদার। রোহিঙ্গা সঙ্কট সমাধানেও জাপান পাশে থাকবে।

প্রধান উপদেষ্টা রোহিঙ্গা প্রত্যাবাসনের বিষয়ে জাপানের সহযোগিতা কামনা করেন। বৈঠকে দুই দেশের মধ্যে বাণিজ্য ও বিনিয়োগ বৃদ্ধির বিষয়েও আলোচনা হয়। জাপানি বিনিয়োগকারীরা বাংলাদেশে আগ্রহ প্রকাশ করেছেন।

উন্নয়ন সহায়তা অব্যাহত রাখার প্রতিশ্রুতি দিয়েছেন জাপানের রাষ্ট্রদূত। তিনি বলেন, বাংলাদেশের অবকাঠামো উন্নয়নে জাপান দীর্ঘদিনের অংশীদার। রোহিঙ্গা সঙ্কট সমাধানেও জাপান পাশে থাকবে।

ইতিহাসের অন্যতম নিষ্ঠুর গণহত্যা
১ম পৃষ্ঠার পর

জাতিসঙ্ঘের বিশেষ দূত তার প্রতিবেদনে বলেছেন, গাজায় ইসরাইলের সামরিক অভিযান ইতিহাসের অন্যতম নিষ্ঠুর গণহত্যা। তিনি বিভিন্ন আন্তর্জাতিক কোম্পানির নাম উল্লেখ করে বলেন, এরা এই দখলদারিত্ব থেকে মুনাফা অর্জন করছে।

প্রতিবেদনে বলা হয়, অবরুদ্ধ গাজায় খাদ্য, পানি ও ওষুধের তীব্র সঙ্কট চলছে। হাসপাতালগুলো প্রায় অচল। ত্রাণ সংগ্রহ করতে গিয়ে প্রতিদিন অসংখ্য মানুষ নিহত হচ্ছেন।

গাজা স্বাস্থ্য মন্ত্রণালয় জানিয়েছে, গত ২৪ ঘণ্টায় ইসরাইলি হামলায় আরো বহু ফিলিস্তিনি নিহত হয়েছেন। নিহতদের মধ্যে নারী ও শিশু রয়েছে। আহত হয়েছেন আরো অনেকে।

জাতিসঙ্ঘের বিশেষ দূত তার প্রতিবেদনে বলেছেন, গাজায় ইসরাইলের সামরিক অভিযান ইতিহাসের অন্যতম নিষ্ঠুর গণহত্যা। তিনি বিভিন্ন আন্তর্জাতিক কোম্পানির নাম উল্লেখ করে বলেন, এরা এই দখলদারিত্ব থেকে মুনাফা অর্জন করছে।

প্রতিবেদনে বলা হয়, অবরুদ্ধ গাজায় খাদ্য, পানি ও ওষুধের তীব্র সঙ্কট চলছে। হাসপাতালগুলো প্রায় অচল। ত্রাণ সংগ্রহ করতে গিয়ে প্রতিদিন অসংখ্য মানুষ নিহত হচ্ছেন।

গাজা স্বাস্থ্য মন্ত্রণালয় জানিয়েছে, গত ২৪ ঘণ্টায় ইসরাইলি হামলায় আরো বহু ফিলিস্তিনি নিহত হয়েছেন। নিহতদের মধ্যে নারী ও শিশু রয়েছে। আহত হয়েছেন আরো অনেকে।

জাতিসঙ্ঘের বিশেষ দূত তার প্রতিবেদনে বলেছেন, গাজায় ইসরাইলের সামরিক অভিযান ইতিহাসের অন্যতম নিষ্ঠুর গণহত্যা। তিনি বিভিন্ন আন্তর্জাতিক কোম্পানির নাম উল্লেখ করে বলেন, এরা এই দখলদারিত্ব থেকে মুনাফা অর্জন করছে।

প্রতিবেদনে বলা হয়, অবরুদ্ধ গাজায় খাদ্য, পানি ও ওষুধের তীব্র সঙ্কট চলছে। হাসপাতালগুলো প্রায় অচল। ত্রাণ সংগ্রহ করতে গিয়ে প্রতিদিন অসংখ্য মানুষ নিহত হচ্ছেন।

গাজা স্বাস্থ্য মন্ত্রণালয় জানিয়েছে, গত ২৪ ঘণ্টায় ইসরাইলি হামলায় আরো বহু ফিলিস্তিনি নিহত হয়েছেন। নিহতদের মধ্যে নারী ও শিশু রয়েছে। আহত হয়েছেন আরো অনেকে।

জাতিসঙ্ঘের বিশেষ দূত তার প্রতিবেদনে বলেছেন, গাজায় ইসরাইলের সামরিক অভিযান ইতিহাসের অন্যতম নিষ্ঠুর গণহত্যা। তিনি বিভিন্ন আন্তর্জাতিক কোম্পানির নাম উল্লেখ করে বলেন, এরা এই দখলদারিত্ব থেকে মুনাফা অর্জন করছে।

প্রতিবেদনে বলা হয়, অবরুদ্ধ গাজায় খাদ্য, পানি ও ওষুধের তীব্র সঙ্কট চলছে। হাসপাতালগুলো প্রায় অচল। ত্রাণ সংগ্রহ করতে গিয়ে প্রতিদিন অসংখ্য মানুষ নিহত হচ্ছেন।

গাজা স্বাস্থ্য মন্ত্রণালয় জানিয়েছে, গত ২৪ ঘণ্টায় ইসরাইলি হামলায় আরো বহু ফিলিস্তিনি নিহত হয়েছেন। নিহতদের মধ্যে নারী ও শিশু রয়েছে। আহত হয়েছেন আরো অনেকে।

জাতিসঙ্ঘের বিশেষ দূত তার প্রতিবেদনে বলেছেন, গাজায় ইসরাইলের সামরিক অভিযান ইতিহাসের অন্যতম নিষ্ঠুর গণহত্যা। তিনি বিভিন্ন আন্তর্জাতিক কোম্পানির নাম উল্লেখ করে বলেন, এরা এই দখলদারিত্ব থেকে মুনাফা অর্জন করছে।

প্রতিবেদনে বলা হয়, অবরুদ্ধ গাজায় খাদ্য, পানি ও ওষুধের তীব্র সঙ্কট চলছে। হাসপাতালগুলো প্রায় অচল। ত্রাণ সংগ্রহ করতে গিয়ে প্রতিদিন অসংখ্য মানুষ নিহত হচ্ছেন।

গাজা স্বাস্থ্য মন্ত্রণালয় জানিয়েছে, গত ২৪ ঘণ্টায় ইসরাইলি হামলায় আরো বহু ফিলিস্তিনি নিহত হয়েছেন। নিহতদের মধ্যে নারী ও শিশু রয়েছে। আহত হয়েছেন আরো অনেকে।

জাতিসঙ্ঘের বিশেষ দূত তার প্রতিবেদনে বলেছেন, গাজায় ইসরাইলের সামরিক অভিযান ইতিহাসের অন্যতম নিষ্ঠুর গণহত্যা। তিনি বিভিন্ন আন্তর্জাতিক কোম্পানির নাম উল্লেখ করে বলেন, এরা এই দখলদারিত্ব থেকে মুনাফা অর্জন করছে।

প্রতিবেদনে বলা হয়, অবরুদ্ধ গাজায় খাদ্য, পানি ও ওষুধের তীব্র সঙ্কট চলছে। হাসপাতালগুলো প্রায় অচল। ত্রাণ সংগ্রহ করতে গিয়ে প্রতিদিন অসংখ্য মানুষ নিহত হচ্ছেন।

গাজা স্বাস্থ্য মন্ত্রণালয় জানিয়েছে, গত ২৪ ঘণ্টায় ইসরাইলি হামলায় আরো বহু ফিলিস্তিনি নিহত হয়েছেন। নিহতদের মধ্যে নারী ও শিশু রয়েছে। আহত হয়েছেন আরো অনেকে।

জাতিসঙ্ঘের বিশেষ দূত তার প্রতিবেদনে বলেছেন, গাজায় ইসরাইলের সামরিক অভিযান ইতিহাসের অন্যতম নিষ্ঠুর গণহত্যা। তিনি বিভিন্ন আন্তর্জাতিক কোম্পানির নাম উল্লেখ করে বলেন, এরা এই দখলদারিত্ব থেকে মুনাফা অর্জন করছে।

গাজা স্বাস্থ্য মন্ত্রণালয় জানিয়েছে, গত ২৪ ঘণ্টায় ইসরাইলি হামলায় আরো বহু ফিলিস্তিনি নিহত হয়েছেন। নিহতদের মধ্যে নারী ও শিশু রয়েছে। আহত হয়েছেন আরো অনেকে।

প্রতিবেদনে বলা হয়, অবরুদ্ধ গাজায় খাদ্য, পানি ও ওষুধের তীব্র সঙ্কট চলছে। হাসপাতালগুলো প্রায় অচল। ত্রাণ সংগ্রহ করতে গিয়ে প্রতিদিন অসংখ্য মানুষ নিহত হচ্ছেন।

জাতিসঙ্ঘের বিশেষ দূত তার প্রতিবেদনে বলেছেন, গাজায় ইসরাইলের সামরিক অভিযান ইতিহাসের অন্যতম নিষ্ঠুর গণহত্যা। তিনি বিভিন্ন আন্তর্জাতিক কোম্পানির নাম উল্লেখ করে বলেন, এরা এই দখলদারিত্ব থেকে মুনাফা অর্জন করছে।

গাজা স্বাস্থ্য মন্ত্রণালয় জানিয়েছে, গত ২৪ ঘণ্টায় ইসরাইলি হামলায় আরো বহু ফিলিস্তিনি নিহত হয়েছেন। নিহতদের মধ্যে নারী ও শিশু রয়েছে। আহত হয়েছেন আরো অনেকে।

ইসরাইলি হামলায় গাজার হাসপাতালের পরিচালক নিহত

গাজার ইন্দোনেশিয়ান হাসপাতালের পরিচালক ইসরাইলি বিমান হামলায় নিহত হয়েছেন। তিনি তার পরিবারসহ একটি বাড়িতে অবস্থান করছিলেন। এ ঘটনায় আন্তর্জাতিক মহলে তীব্র নিন্দা জানানো হয়েছে।

হামাস এক বিবৃতিতে এই হত্যাকাণ্ডকে যুদ্ধাপরাধ হিসেবে অভিহিত করেছে। বিশ্ব স্বাস্থ্য সংস্থা বলেছে, চিকিৎসাকর্মীদের ওপর হামলা আন্তর্জাতিক মানবিক আইনের গুরুতর লঙ্ঘন।

গাজার ইন্দোনেশিয়ান হাসপাতালের পরিচালক ইসরাইলি বিমান হামলায় নিহত হয়েছেন। তিনি তার পরিবারসহ একটি বাড়িতে অবস্থান করছিলেন। এ ঘটনায় আন্তর্জাতিক মহলে তীব্র নিন্দা জানানো হয়েছে।

হামাস এক বিবৃতিতে এই হত্যাকাণ্ডকে যুদ্ধাপরাধ হিসেবে অভিহিত করেছে। বিশ্ব স্বাস্থ্য সংস্থা বলেছে, চিকিৎসাকর্মীদের ওপর হামলা আন্তর্জাতিক মানবিক আইনের গুরুতর লঙ্ঘন।

গাজার ইন্দোনেশিয়ান হাসপাতালের পরিচালক ইসরাইলি বিমান হামলায় নিহত হয়েছেন। তিনি তার পরিবারসহ একটি বাড়িতে অবস্থান করছিলেন। এ ঘটনায় আন্তর্জাতিক মহলে তীব্র নিন্দা জানানো হয়েছে।

হামাস এক বিবৃতিতে এই হত্যাকাণ্ডকে যুদ্ধাপরাধ হিসেবে অভিহিত করেছে। বিশ্ব স্বাস্থ্য সংস্থা বলেছে, চিকিৎসাকর্মীদের ওপর হামলা আন্তর্জাতিক মানবিক আইনের গুরুতর লঙ্ঘন।

গাজার ইন্দোনেশিয়ান হাসপাতালের পরিচালক ইসরাইলি বিমান হামলায় নিহত হয়েছেন। তিনি তার পরিবারসহ একটি বাড়িতে অবস্থান করছিলেন। এ ঘটনায় আন্তর্জাতিক মহলে তীব্র নিন্দা জানানো হয়েছে।

হামাস এক বিবৃতিতে এই হত্যাকাণ্ডকে যুদ্ধাপরাধ হিসেবে অভিহিত করেছে। বিশ্ব স্বাস্থ্য সংস্থা বলেছে, চিকিৎসাকর্মীদের ওপর হামলা আন্তর্জাতিক মানবিক আইনের গুরুতর লঙ্ঘন।

গাজার ইন্দোনেশিয়ান হাসপাতালের পরিচালক ইসরাইলি বিমান হামলায় নিহত হয়েছেন। তিনি তার পরিবারসহ একটি বাড়িতে অবস্থান করছিলেন। এ ঘটনায় আন্তর্জাতিক মহলে তীব্র নিন্দা জানানো হয়েছে।

হামাস এক বিবৃতিতে এই হত্যাকাণ্ডকে যুদ্ধাপরাধ হিসেবে অভিহিত করেছে। বিশ্ব স্বাস্থ্য সংস্থা বলেছে, চিকিৎসাকর্মীদের ওপর হামলা আন্তর্জাতিক মানবিক আইনের গুরুতর লঙ্ঘন।

গাজার ইন্দোনেশিয়ান হাসপাতালের পরিচালক ইসরাইলি বিমান হামলায় নিহত হয়েছেন। তিনি তার পরিবারসহ একটি বাড়িতে অবস্থান করছিলেন। এ ঘটনায় আন্তর্জাতিক মহলে তীব্র নিন্দা জানানো হয়েছে।

হামাস এক বিবৃতিতে এই হত্যাকাণ্ডকে যুদ্ধাপরাধ হিসেবে অভিহিত করেছে। বিশ্ব স্বাস্থ্য সংস্থা বলেছে, চিকিৎসাকর্মীদের ওপর হামলা আন্তর্জাতিক মানবিক আইনের গুরুতর লঙ্ঘন।

গাজার ইন্দোনেশিয়ান হাসপাতালের পরিচালক ইসরাইলি বিমান হামলায় নিহত হয়েছেন। তিনি তার পরিবারসহ একটি বাড়িতে অবস্থান করছিলেন। এ ঘটনায় আন্তর্জাতিক মহলে তীব্র নিন্দা জানানো হয়েছে।
